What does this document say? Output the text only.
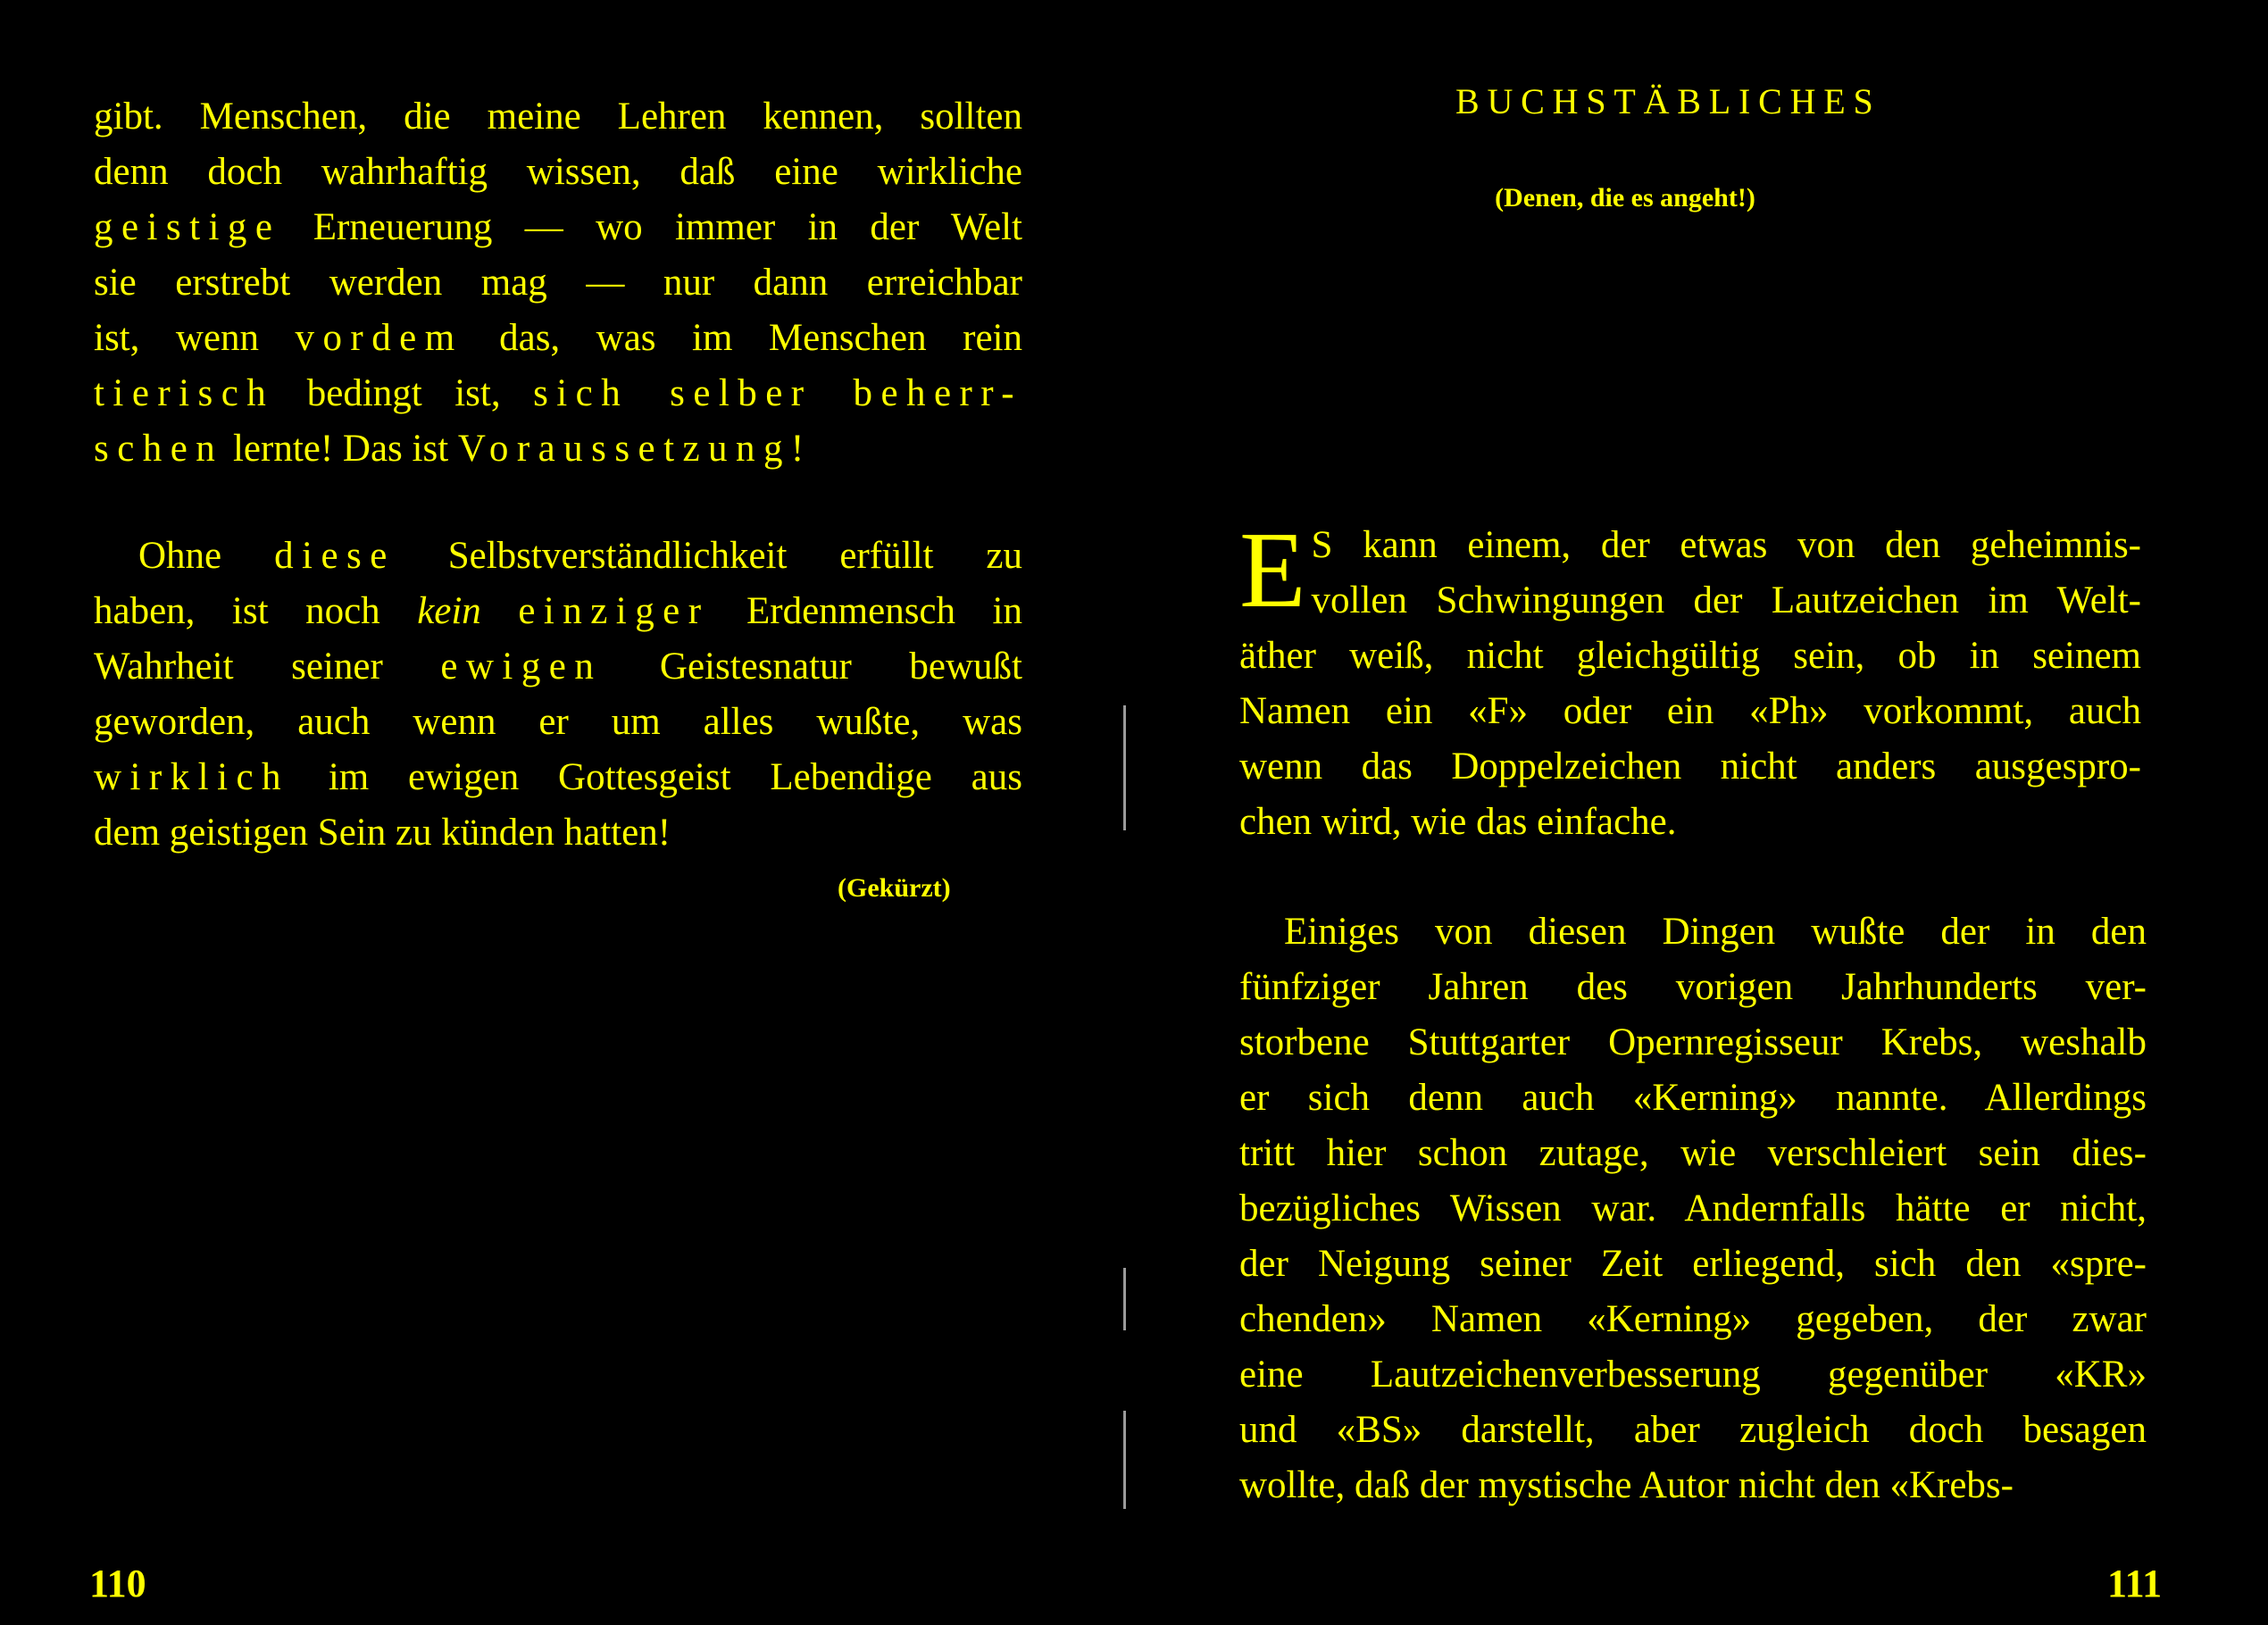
gibt. Menschen, die meine Lehren kennen, sollten
denn doch wahrhaftig wissen, daß eine wirkliche
geistige Erneuerung — wo immer in der Welt
sie erstrebt werden mag — nur dann erreichbar
ist, wenn vordem das, was im Menschen rein
tierisch bedingt ist, sich selber beherr-
schen lernte! Das ist Voraussetzung!

Ohne diese Selbstverständlichkeit erfüllt zu
haben, ist noch kein einziger Erdenmensch in
Wahrheit seiner ewigen Geistesnatur bewußt
geworden, auch wenn er um alles wußte, was
wirklich im ewigen Gottesgeist Lebendige aus
dem geistigen Sein zu künden hatten!

(Gekürzt)
110
BUCHSTÄBLICHES
(Denen, die es angeht!)
E S kann einem, der etwas von den geheimnis-
vollen Schwingungen der Lautzeichen im Welt-
äther weiß, nicht gleichgültig sein, ob in seinem
Namen ein «F» oder ein «Ph» vorkommt, auch
wenn das Doppelzeichen nicht anders ausgespro-
chen wird, wie das einfache.
Einiges von diesen Dingen wußte der in den
fünfziger Jahren des vorigen Jahrhunderts ver-
storbene Stuttgarter Opernregisseur Krebs, weshalb
er sich denn auch «Kerning» nannte. Allerdings
tritt hier schon zutage, wie verschleiert sein dies-
bezügliches Wissen war. Andernfalls hätte er nicht,
der Neigung seiner Zeit erliegend, sich den «spre-
chenden» Namen «Kerning» gegeben, der zwar
eine Lautzeichenverbesserung gegenüber «KR»
und «BS» darstellt, aber zugleich doch besagen
wollte, daß der mystische Autor nicht den «Krebs-
111
